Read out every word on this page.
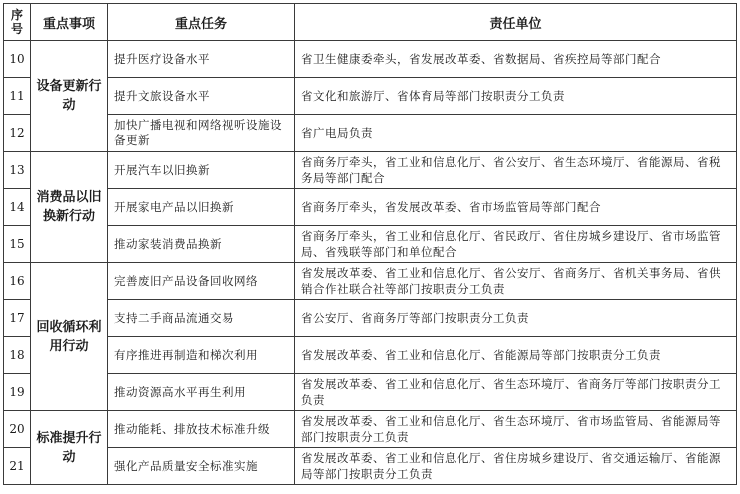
序号	重点事项	重点任务	责任单位
10	设备更新行动	提升医疗设备水平	省卫生健康委牵头，省发展改革委、省数据局、省疾控局等部门配合
11		提升文旅设备水平	省文化和旅游厅、省体育局等部门按职责分工负责
12		加快广播电视和网络视听设施设备更新	省广电局负责
13	消费品以旧换新行动	开展汽车以旧换新	省商务厅牵头，省工业和信息化厅、省公安厅、省生态环境厅、省能源局、省税务局等部门配合
14		开展家电产品以旧换新	省商务厅牵头，省发展改革委、省市场监管局等部门配合
15		推动家装消费品换新	省商务厅牵头，省工业和信息化厅、省民政厅、省住房城乡建设厅、省市场监管局、省残联等部门和单位配合
16	回收循环利用行动	完善废旧产品设备回收网络	省发展改革委、省工业和信息化厅、省公安厅、省商务厅、省机关事务局、省供销合作社联合社等部门按职责分工负责
17		支持二手商品流通交易	省公安厅、省商务厅等部门按职责分工负责
18		有序推进再制造和梯次利用	省发展改革委、省工业和信息化厅、省能源局等部门按职责分工负责
19		推动资源高水平再生利用	省发展改革委、省工业和信息化厅、省生态环境厅、省商务厅等部门按职责分工负责
20	标准提升行动	推动能耗、排放技术标准升级	省发展改革委、省工业和信息化厅、省生态环境厅、省市场监管局、省能源局等部门按职责分工负责
21		强化产品质量安全标准实施	省发展改革委、省工业和信息化厅、省住房城乡建设厅、省交通运输厅、省能源局等部门按职责分工负责
